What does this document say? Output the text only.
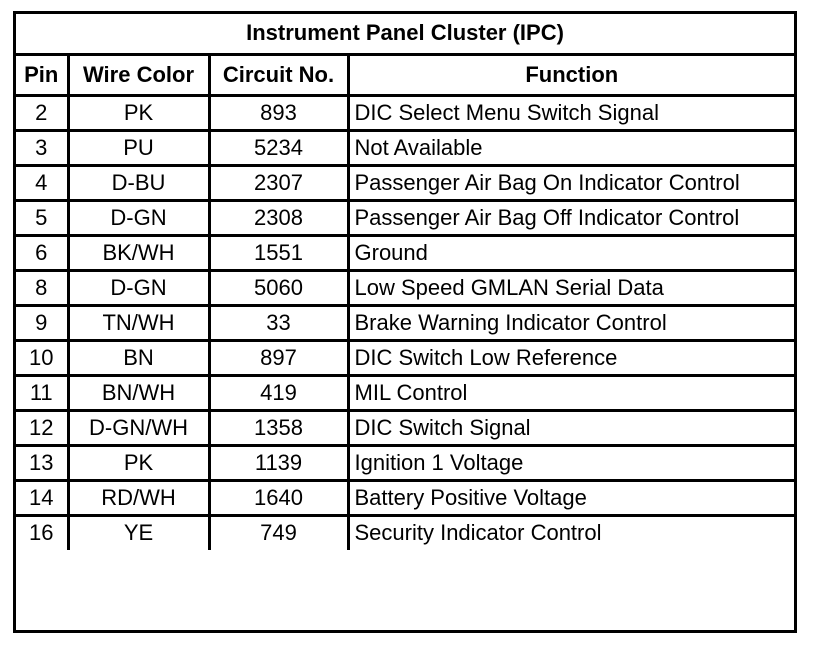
Instrument Panel Cluster (IPC)			
Pin	Wire Color	Circuit No.	Function
2	PK	893	DIC Select Menu Switch Signal
3	PU	5234	Not Available
4	D-BU	2307	Passenger Air Bag On Indicator Control
5	D-GN	2308	Passenger Air Bag Off Indicator Control
6	BK/WH	1551	Ground
8	D-GN	5060	Low Speed GMLAN Serial Data
9	TN/WH	33	Brake Warning Indicator Control
10	BN	897	DIC Switch Low Reference
11	BN/WH	419	MIL Control
12	D-GN/WH	1358	DIC Switch Signal
13	PK	1139	Ignition 1 Voltage
14	RD/WH	1640	Battery Positive Voltage
16	YE	749	Security Indicator Control
